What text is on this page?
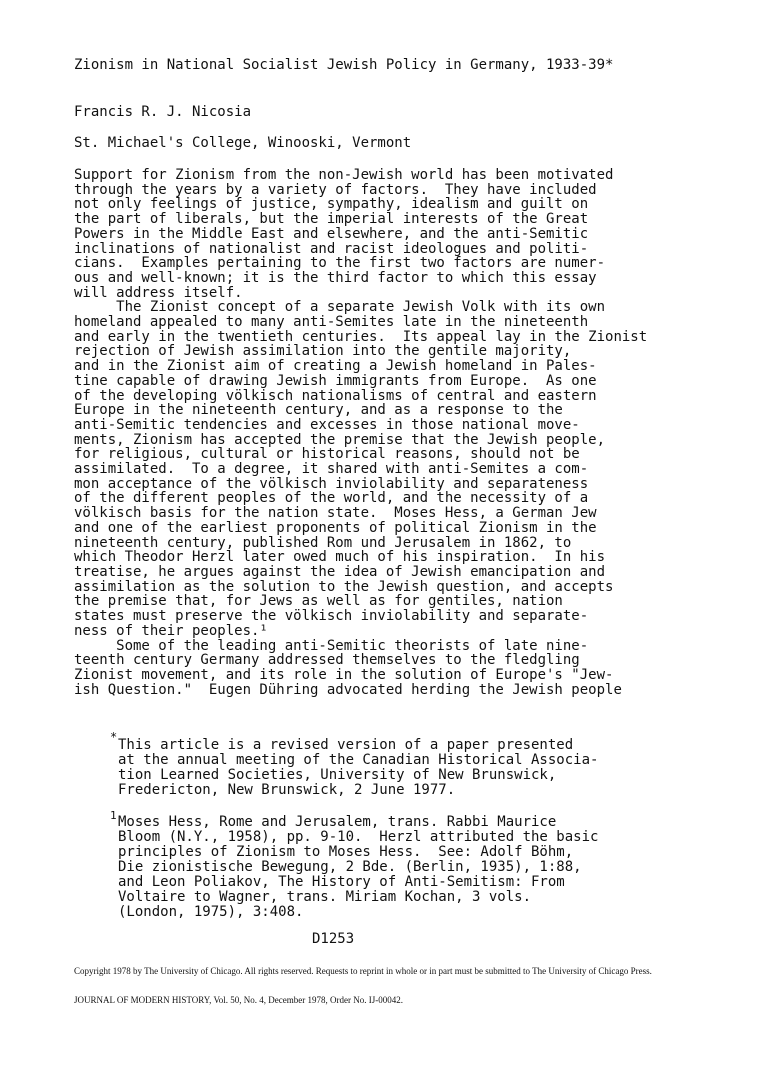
Zionism in National Socialist Jewish Policy in Germany, 1933-39*
Francis R. J. Nicosia
St. Michael's College, Winooski, Vermont
Support for Zionism from the non-Jewish world has been motivated
through the years by a variety of factors.  They have included
not only feelings of justice, sympathy, idealism and guilt on
the part of liberals, but the imperial interests of the Great
Powers in the Middle East and elsewhere, and the anti-Semitic
inclinations of nationalist and racist ideologues and politi-
cians.  Examples pertaining to the first two factors are numer-
ous and well-known; it is the third factor to which this essay
will address itself.
The Zionist concept of a separate Jewish Volk with its own
homeland appealed to many anti-Semites late in the nineteenth
and early in the twentieth centuries.  Its appeal lay in the Zionist
rejection of Jewish assimilation into the gentile majority,
and in the Zionist aim of creating a Jewish homeland in Pales-
tine capable of drawing Jewish immigrants from Europe.  As one
of the developing völkisch nationalisms of central and eastern
Europe in the nineteenth century, and as a response to the
anti-Semitic tendencies and excesses in those national move-
ments, Zionism has accepted the premise that the Jewish people,
for religious, cultural or historical reasons, should not be
assimilated.  To a degree, it shared with anti-Semites a com-
mon acceptance of the völkisch inviolability and separateness
of the different peoples of the world, and the necessity of a
völkisch basis for the nation state.  Moses Hess, a German Jew
and one of the earliest proponents of political Zionism in the
nineteenth century, published Rom und Jerusalem in 1862, to
which Theodor Herzl later owed much of his inspiration.  In his
treatise, he argues against the idea of Jewish emancipation and
assimilation as the solution to the Jewish question, and accepts
the premise that, for Jews as well as for gentiles, nation
states must preserve the völkisch inviolability and separate-
ness of their peoples.¹
Some of the leading anti-Semitic theorists of late nine-
teenth century Germany addressed themselves to the fledgling
Zionist movement, and its role in the solution of Europe's "Jew-
ish Question."  Eugen Dühring advocated herding the Jewish people
* This article is a revised version of a paper presented
at the annual meeting of the Canadian Historical Associa-
tion Learned Societies, University of New Brunswick,
Fredericton, New Brunswick, 2 June 1977.
1 Moses Hess, Rome and Jerusalem, trans. Rabbi Maurice
Bloom (N.Y., 1958), pp. 9-10.  Herzl attributed the basic
principles of Zionism to Moses Hess.  See: Adolf Böhm,
Die zionistische Bewegung, 2 Bde. (Berlin, 1935), 1:88,
and Leon Poliakov, The History of Anti-Semitism: From
Voltaire to Wagner, trans. Miriam Kochan, 3 vols.
(London, 1975), 3:408.
D1253
Copyright 1978 by The University of Chicago. All rights reserved. Requests to reprint in whole or in part must be submitted to The University of Chicago Press.
JOURNAL OF MODERN HISTORY, Vol. 50, No. 4, December 1978, Order No. IJ-00042.
